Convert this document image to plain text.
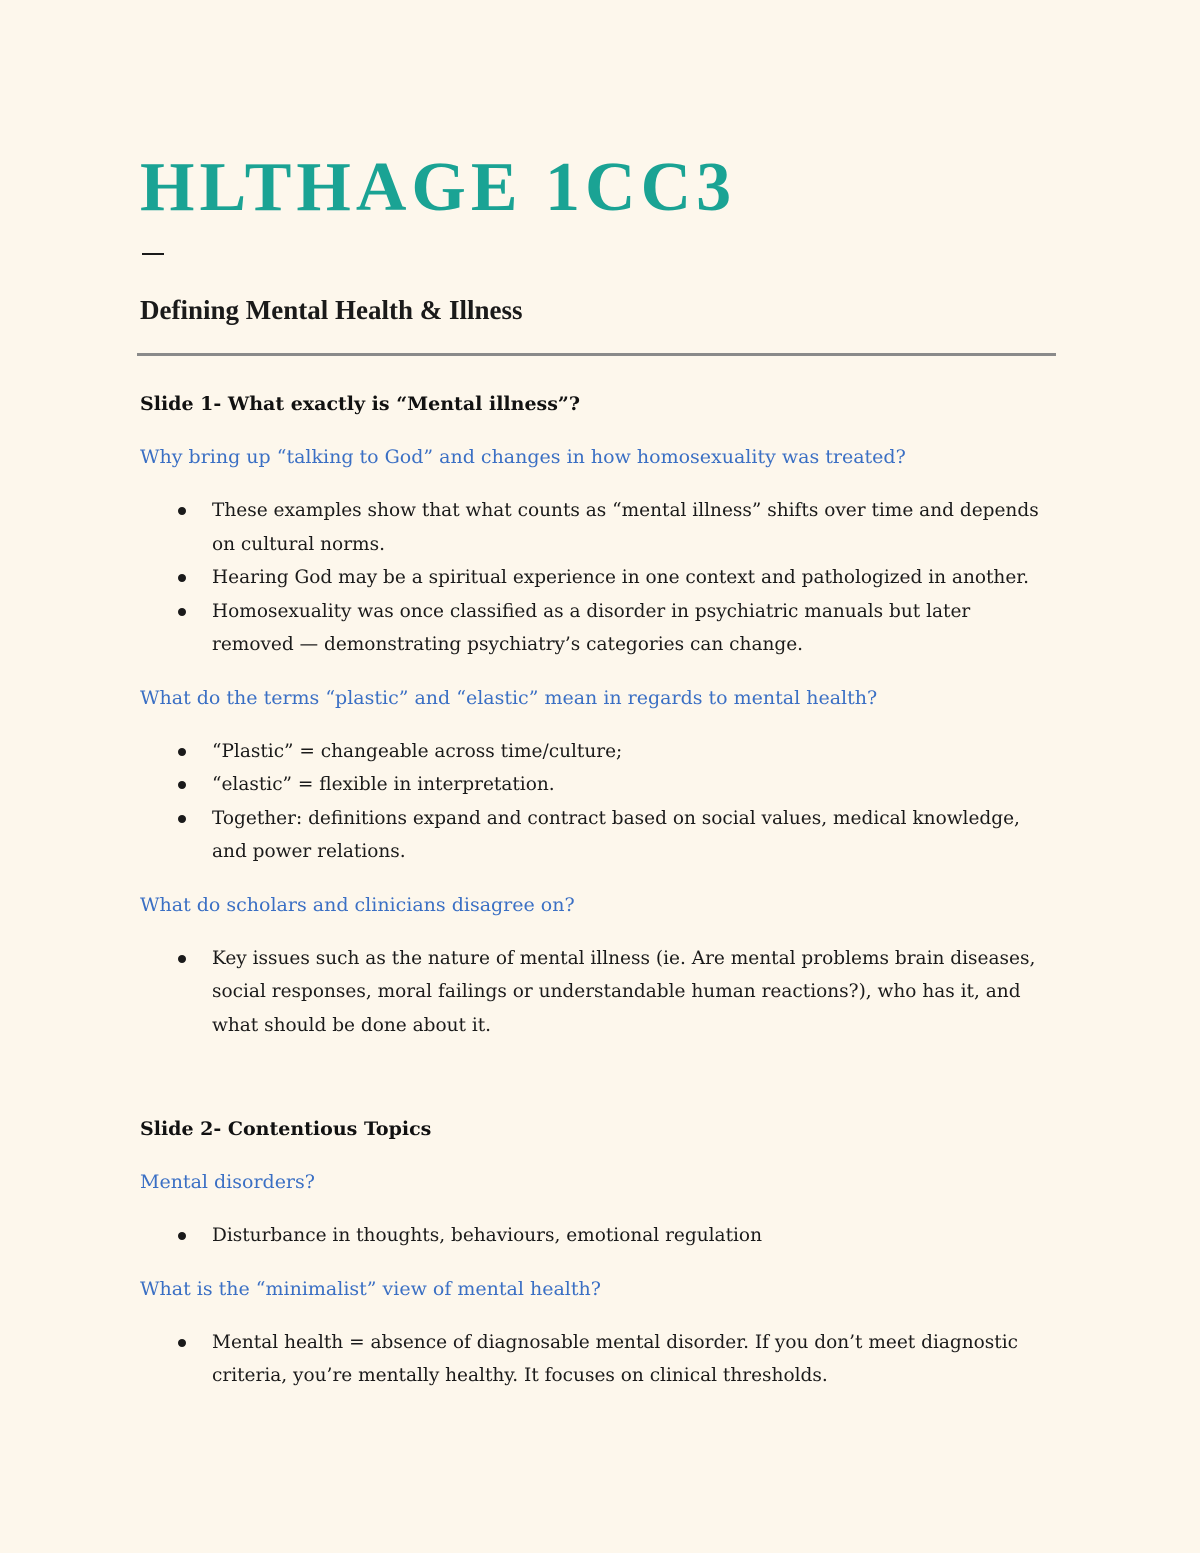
HLTHAGE 1CC3
Defining Mental Health & Illness
Slide 1- What exactly is “Mental illness”?

Why bring up “talking to God” and changes in how homosexuality was treated?

These examples show that what counts as “mental illness” shifts over time and depends on cultural norms.
Hearing God may be a spiritual experience in one context and pathologized in another.
Homosexuality was once classified as a disorder in psychiatric manuals but later removed — demonstrating psychiatry’s categories can change.

What do the terms “plastic” and “elastic” mean in regards to mental health?

“Plastic” = changeable across time/culture;
“elastic” = flexible in interpretation.
Together: definitions expand and contract based on social values, medical knowledge, and power relations.

What do scholars and clinicians disagree on?

Key issues such as the nature of mental illness (ie. Are mental problems brain diseases, social responses, moral failings or understandable human reactions?), who has it, and what should be done about it.
Slide 2- Contentious Topics

Mental disorders?

Disturbance in thoughts, behaviours, emotional regulation

What is the “minimalist” view of mental health?

Mental health = absence of diagnosable mental disorder. If you don’t meet diagnostic criteria, you’re mentally healthy. It focuses on clinical thresholds.
